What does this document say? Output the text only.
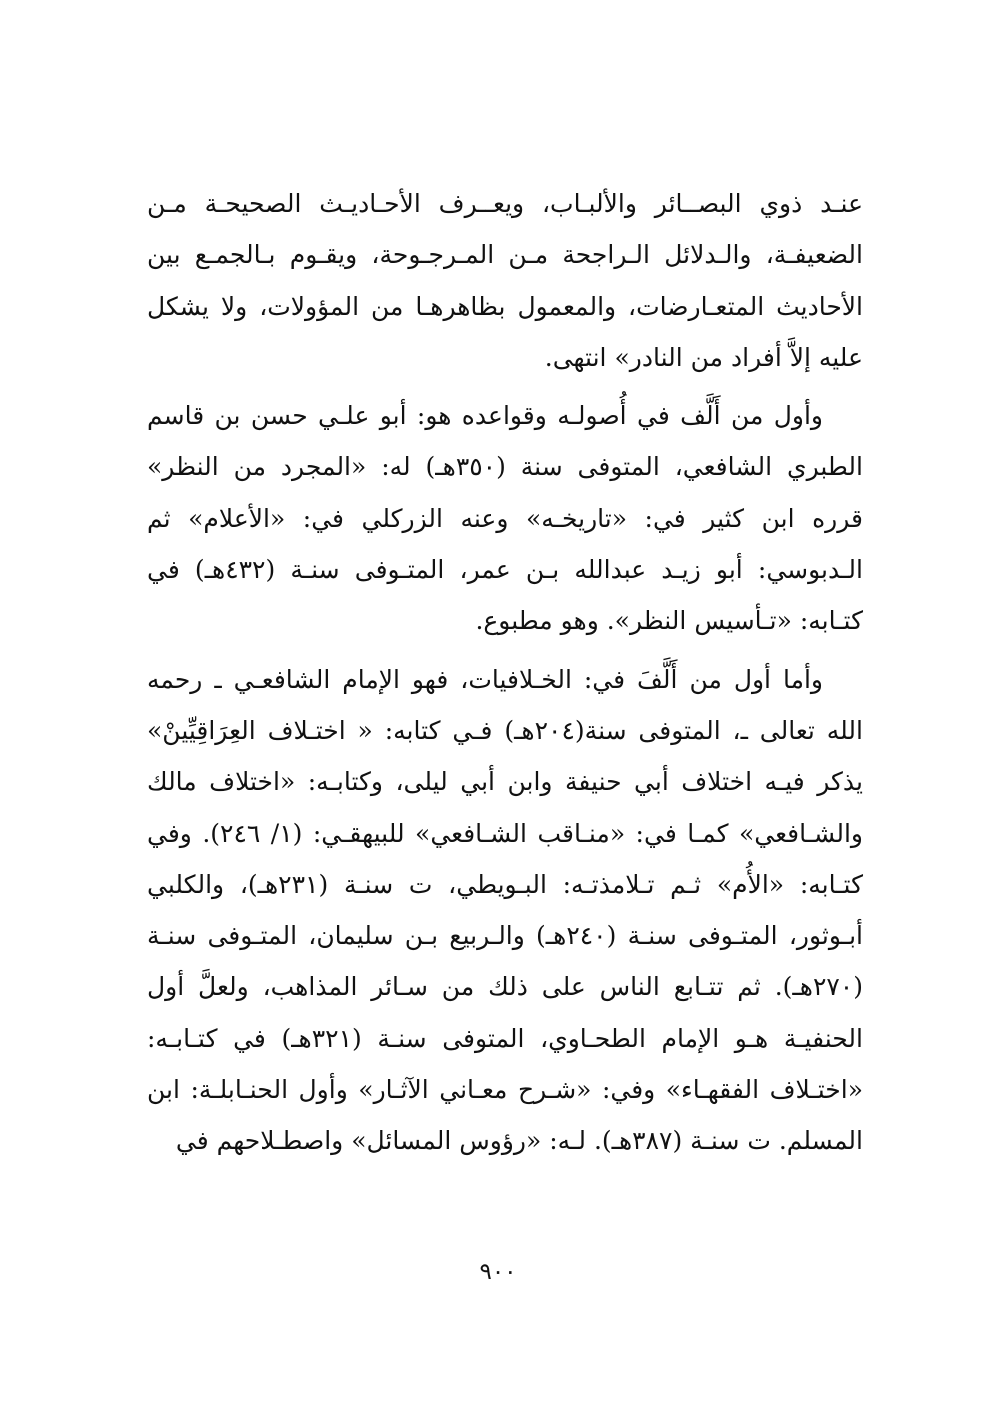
عنـد ذوي البصــائر والألبـاب، ويعــرف الأحـاديـث الصحيحـة مـن الضعيفـة، والـدلائل الـراجحة مـن المـرجـوحة، ويقـوم بـالجمـع بين الأحاديث المتعـارضات، والمعمول بظاهرهـا من المؤولات، ولا يشكل عليه إلاَّ أفراد من النادر» انتهى.

وأول من أَلَّف في أُصولـه وقواعده هو: أبو علـي حسن بن قاسم الطبري الشافعي، المتوفى سنة (٣٥٠هـ) له: «المجرد من النظر» قرره ابن كثير في: «تاريخـه» وعنه الزركلي في: «الأعلام» ثم الـدبوسي: أبو زيـد عبدالله بـن عمر، المتـوفى سنـة (٤٣٢هـ) في كتـابه: «تـأسيس النظر». وهو مطبوع.

وأما أول من أَلَّفَ في: الخـلافيات، فهو الإمام الشافعـي ـ رحمه الله تعالى ـ، المتوفى سنة(٢٠٤هـ) فـي كتابه: « اختـلاف العِرَاقِيِّينْ» يذكر فيـه اختلاف أبي حنيفة وابن أبي ليلى، وكتابـه: «اختلاف مالك والشـافعي» كمـا في: «منـاقب الشـافعي» للبيهقـي: (١/ ٢٤٦). وفي كتـابه: «الأُم» ثـم تـلامذتـه: البـويطي، ت سنـة (٢٣١هـ)، والكلبي أبـوثور، المتـوفى سنـة (٢٤٠هـ) والـربيع بـن سليمان، المتـوفى سنـة (٢٧٠هـ). ثم تتـابع الناس على ذلك من سـائر المذاهب، ولعلَّ أول الحنفيـة هـو الإمام الطحـاوي، المتوفى سنـة (٣٢١هـ) في كتـابـه: «اختـلاف الفقهـاء» وفي: «شـرح معـاني الآثـار» وأول الحنـابلـة: ابن المسلم. ت سنـة (٣٨٧هـ). لـه: «رؤوس المسائل» واصطـلاحهم في

٩٠٠
